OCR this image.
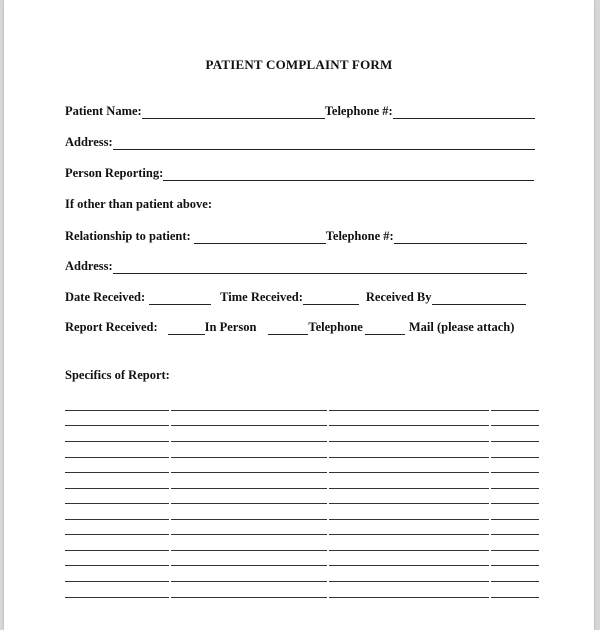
PATIENT COMPLAINT FORM
Patient Name:	Telephone #:
Address:
Person Reporting:
If other than patient above:
Relationship to patient:	Telephone #:
Address:
Date Received:	Time Received:	Received By
Report Received:	In Person	Telephone	Mail (please attach)
Specifics of Report:
